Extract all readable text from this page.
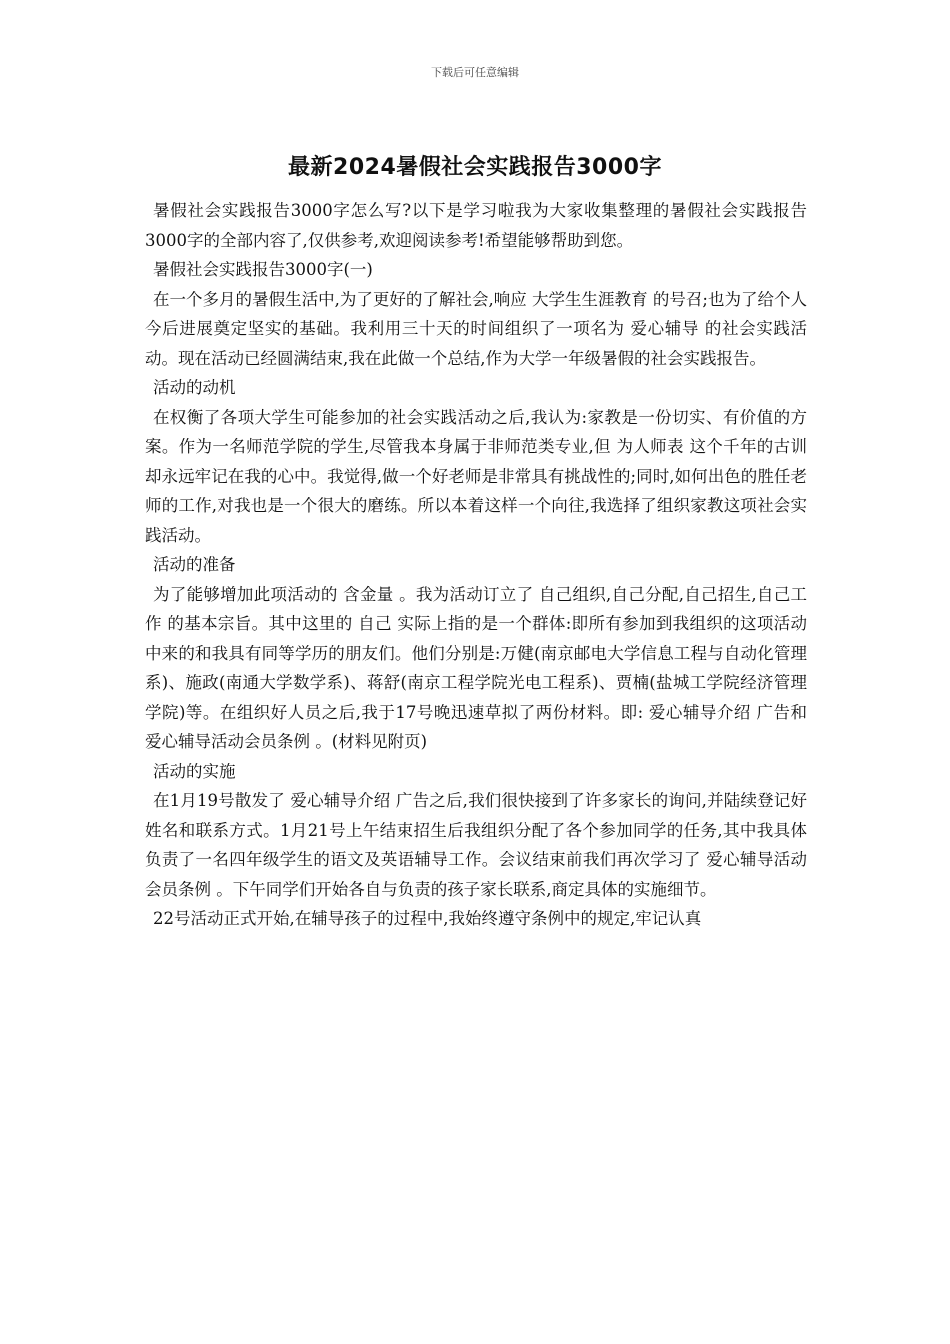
下载后可任意编辑
最新2024暑假社会实践报告3000字

暑假社会实践报告3000字怎么写?以下是学习啦我为大家收集整理的暑假社会实践报告3000字的全部内容了,仅供参考,欢迎阅读参考!希望能够帮助到您。

暑假社会实践报告3000字(一)

在一个多月的暑假生活中,为了更好的了解社会,响应 大学生生涯教育 的号召;也为了给个人今后进展奠定坚实的基础。我利用三十天的时间组织了一项名为 爱心辅导 的社会实践活动。现在活动已经圆满结束,我在此做一个总结,作为大学一年级暑假的社会实践报告。

活动的动机

在权衡了各项大学生可能参加的社会实践活动之后,我认为:家教是一份切实、有价值的方案。作为一名师范学院的学生,尽管我本身属于非师范类专业,但 为人师表 这个千年的古训却永远牢记在我的心中。我觉得,做一个好老师是非常具有挑战性的;同时,如何出色的胜任老师的工作,对我也是一个很大的磨练。所以本着这样一个向往,我选择了组织家教这项社会实践活动。

活动的准备

为了能够增加此项活动的 含金量 。我为活动订立了 自己组织,自己分配,自己招生,自己工作 的基本宗旨。其中这里的 自己 实际上指的是一个群体:即所有参加到我组织的这项活动中来的和我具有同等学历的朋友们。他们分别是:万健(南京邮电大学信息工程与自动化管理系)、施政(南通大学数学系)、蒋舒(南京工程学院光电工程系)、贾楠(盐城工学院经济管理学院)等。在组织好人员之后,我于17号晚迅速草拟了两份材料。即: 爱心辅导介绍 广告和 爱心辅导活动会员条例 。(材料见附页)

活动的实施

在1月19号散发了 爱心辅导介绍 广告之后,我们很快接到了许多家长的询问,并陆续登记好姓名和联系方式。1月21号上午结束招生后我组织分配了各个参加同学的任务,其中我具体负责了一名四年级学生的语文及英语辅导工作。会议结束前我们再次学习了 爱心辅导活动会员条例 。下午同学们开始各自与负责的孩子家长联系,商定具体的实施细节。

22号活动正式开始,在辅导孩子的过程中,我始终遵守条例中的规定,牢记认真
